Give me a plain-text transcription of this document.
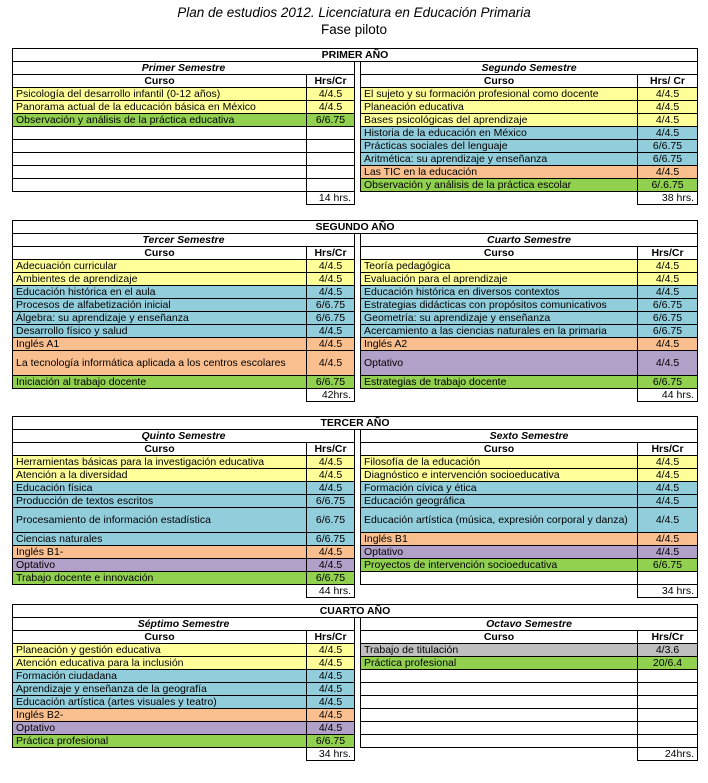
Plan de estudios 2012. Licenciatura en Educación Primaria
Fase piloto
PRIMER AÑO				
Primer Semestre			Segundo Semestre	
Curso	Hrs/Cr		Curso	Hrs/ Cr
Psicología del desarrollo infantil (0-12 años)	4/4.5		El sujeto y su formación profesional como docente	4/4.5
Panorama actual de la educación básica en México	4/4.5		Planeación educativa	4/4.5
Observación y análisis de la práctica educativa	6/6.75		Bases psicológicas del aprendizaje	4/4.5
			Historia de la educación en México	4/4.5
			Prácticas sociales del lenguaje	6/6.75
			Aritmética: su aprendizaje y enseñanza	6/6.75
			Las TIC en la educación	4/4.5
			Observación y análisis de la práctica escolar	6/.6.75
	14 hrs.			38 hrs.
SEGUNDO AÑO				
Tercer Semestre			Cuarto Semestre	
Curso	Hrs/Cr		Curso	Hrs/Cr
Adecuación curricular	4/4.5		Teoría pedagógica	4/4.5
Ambientes de aprendizaje	4/4.5		Evaluación para el aprendizaje	4/4.5
Educación histórica en el aula	4/4.5		Educación histórica en diversos contextos	4/4.5
Procesos de alfabetización inicial	6/6.75		Estrategias didácticas con propósitos comunicativos	6/6.75
Álgebra: su aprendizaje y enseñanza	6/6.75		Geometría: su aprendizaje y enseñanza	6/6.75
Desarrollo físico y salud	4/4.5		Acercamiento a las ciencias naturales en la primaria	6/6.75
Inglés A1	4/4.5		Inglés A2	4/4.5
La tecnología informática aplicada a los centros escolares	4/4.5		Optativo	4/4.5
Iniciación al trabajo docente	6/6.75		Estrategias de trabajo docente	6/6.75
	42hrs.			44 hrs.
TERCER AÑO				
Quinto Semestre			Sexto Semestre	
Curso	Hrs/Cr		Curso	Hrs/Cr
Herramientas básicas para la investigación educativa	4/4.5		Filosofía de la educación	4/4.5
Atención a la diversidad	4/4.5		Diagnóstico e intervención socioeducativa	4/4.5
Educación física	4/4.5		Formación cívica y ética	4/4.5
Producción de textos escritos	6/6.75		Educación geográfica	4/4.5
Procesamiento de información estadística	6/6.75		Educación artística (música, expresión corporal y danza)	4/4.5
Ciencias naturales	6/6.75		Inglés B1	4/4.5
Inglés B1-	4/4.5		Optativo	4/4.5
Optativo	4/4.5		Proyectos de intervención socioeducativa	6/6.75
Trabajo docente e innovación	6/6.75			
	44 hrs.			34 hrs.
CUARTO AÑO				
Séptimo Semestre			Octavo Semestre	
Curso	Hrs/Cr		Curso	Hrs/Cr
Planeación y gestión educativa	4/4.5		Trabajo de titulación	4/3.6
Atención educativa para la inclusión	4/4.5		Práctica profesional	20/6.4
Formación ciudadana	4/4.5			
Aprendizaje y enseñanza de la geografía	4/4.5			
Educación artística (artes visuales y teatro)	4/4.5			
Inglés B2-	4/4.5			
Optativo	4/4.5			
Práctica profesional	6/6.75			
	34 hrs.			24hrs.
